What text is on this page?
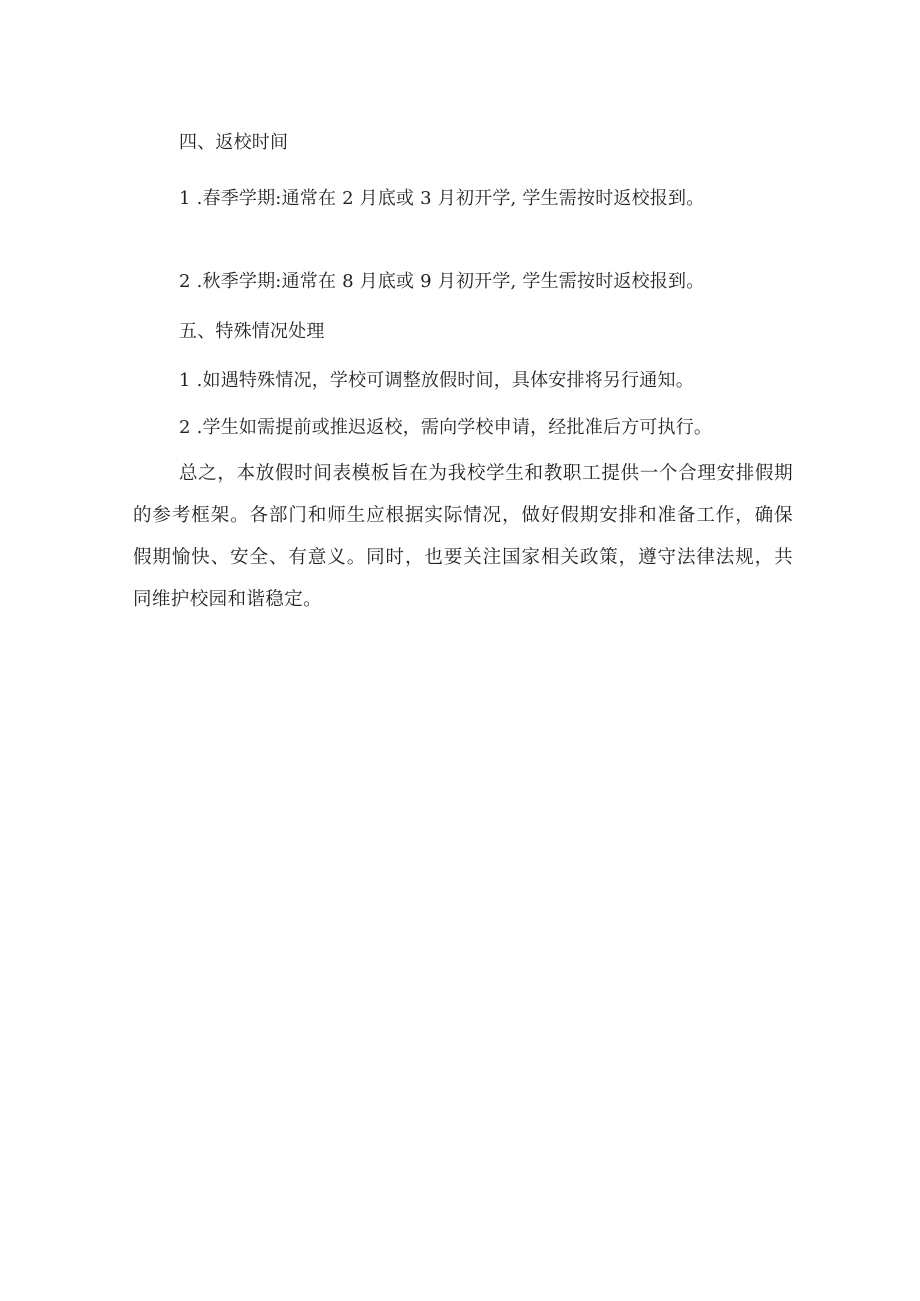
四、返校时间
1 .春季学期:通常在 2 月底或 3 月初开学, 学生需按时返校报到。
2 .秋季学期:通常在 8 月底或 9 月初开学, 学生需按时返校报到。
五、特殊情况处理
1 .如遇特殊情况，学校可调整放假时间，具体安排将另行通知。
2 .学生如需提前或推迟返校，需向学校申请，经批准后方可执行。
总之，本放假时间表模板旨在为我校学生和教职工提供一个合理安排假期的参考框架。各部门和师生应根据实际情况，做好假期安排和准备工作，确保假期愉快、安全、有意义。同时，也要关注国家相关政策，遵守法律法规，共同维护校园和谐稳定。
